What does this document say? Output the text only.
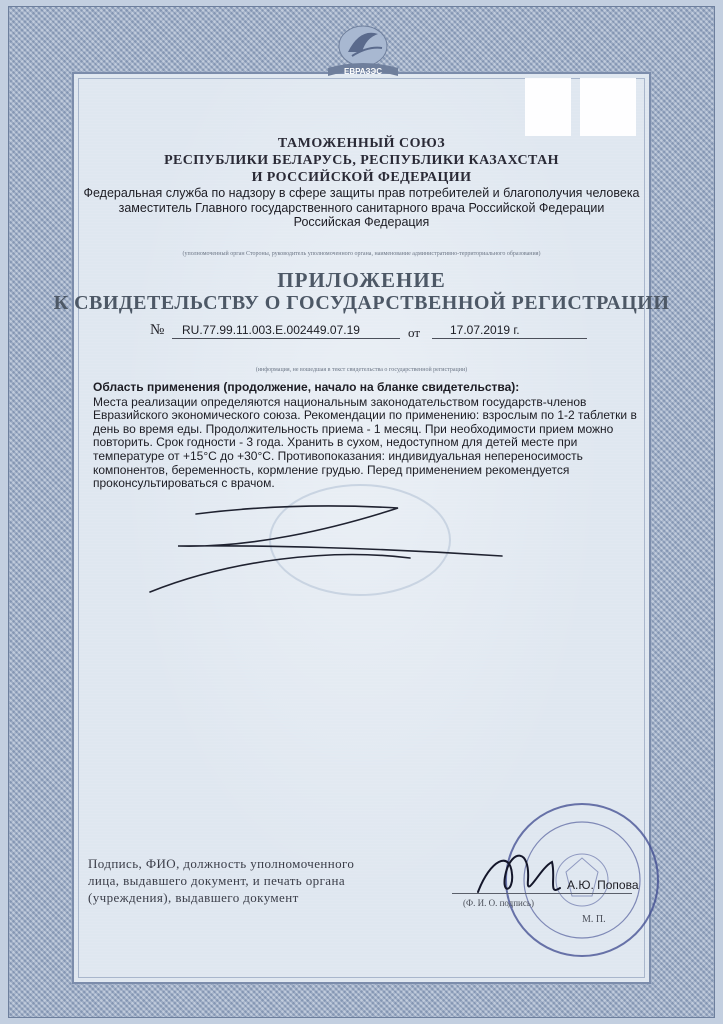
ЕВРАЗЭС
ТАМОЖЕННЫЙ СОЮЗ
РЕСПУБЛИКИ БЕЛАРУСЬ, РЕСПУБЛИКИ КАЗАХСТАН
И РОССИЙСКОЙ ФЕДЕРАЦИИ
Федеральная служба по надзору в сфере защиты прав потребителей и благополучия человека
заместитель Главного государственного санитарного врача Российской Федерации
Российская Федерация
(уполномоченный орган Стороны, руководитель уполномоченного органа, наименование административно-территориального образования)
ПРИЛОЖЕНИЕ
К СВИДЕТЕЛЬСТВУ О ГОСУДАРСТВЕННОЙ РЕГИСТРАЦИИ
№ RU.77.99.11.003.E.002449.07.19	от 17.07.2019 г.
(информация, не вошедшая в текст свидетельства о государственной регистрации)
Область применения (продолжение, начало на бланке свидетельства):
Места реализации определяются национальным законодательством государств-членов
Евразийского экономического союза. Рекомендации по применению: взрослым по 1-2 таблетки в
день во время еды. Продолжительность приема - 1 месяц. При необходимости прием можно
повторить. Срок годности - 3 года. Хранить в сухом, недоступном для детей месте при
температуре от +15°С до +30°С. Противопоказания: индивидуальная непереносимость
компонентов, беременность, кормление грудью. Перед применением рекомендуется
проконсультироваться с врачом.
Подпись, ФИО, должность уполномоченного
лица, выдавшего документ, и печать органа
(учреждения), выдавшего документ
А.Ю. Попова
(Ф. И. О. подпись)
М. П.
